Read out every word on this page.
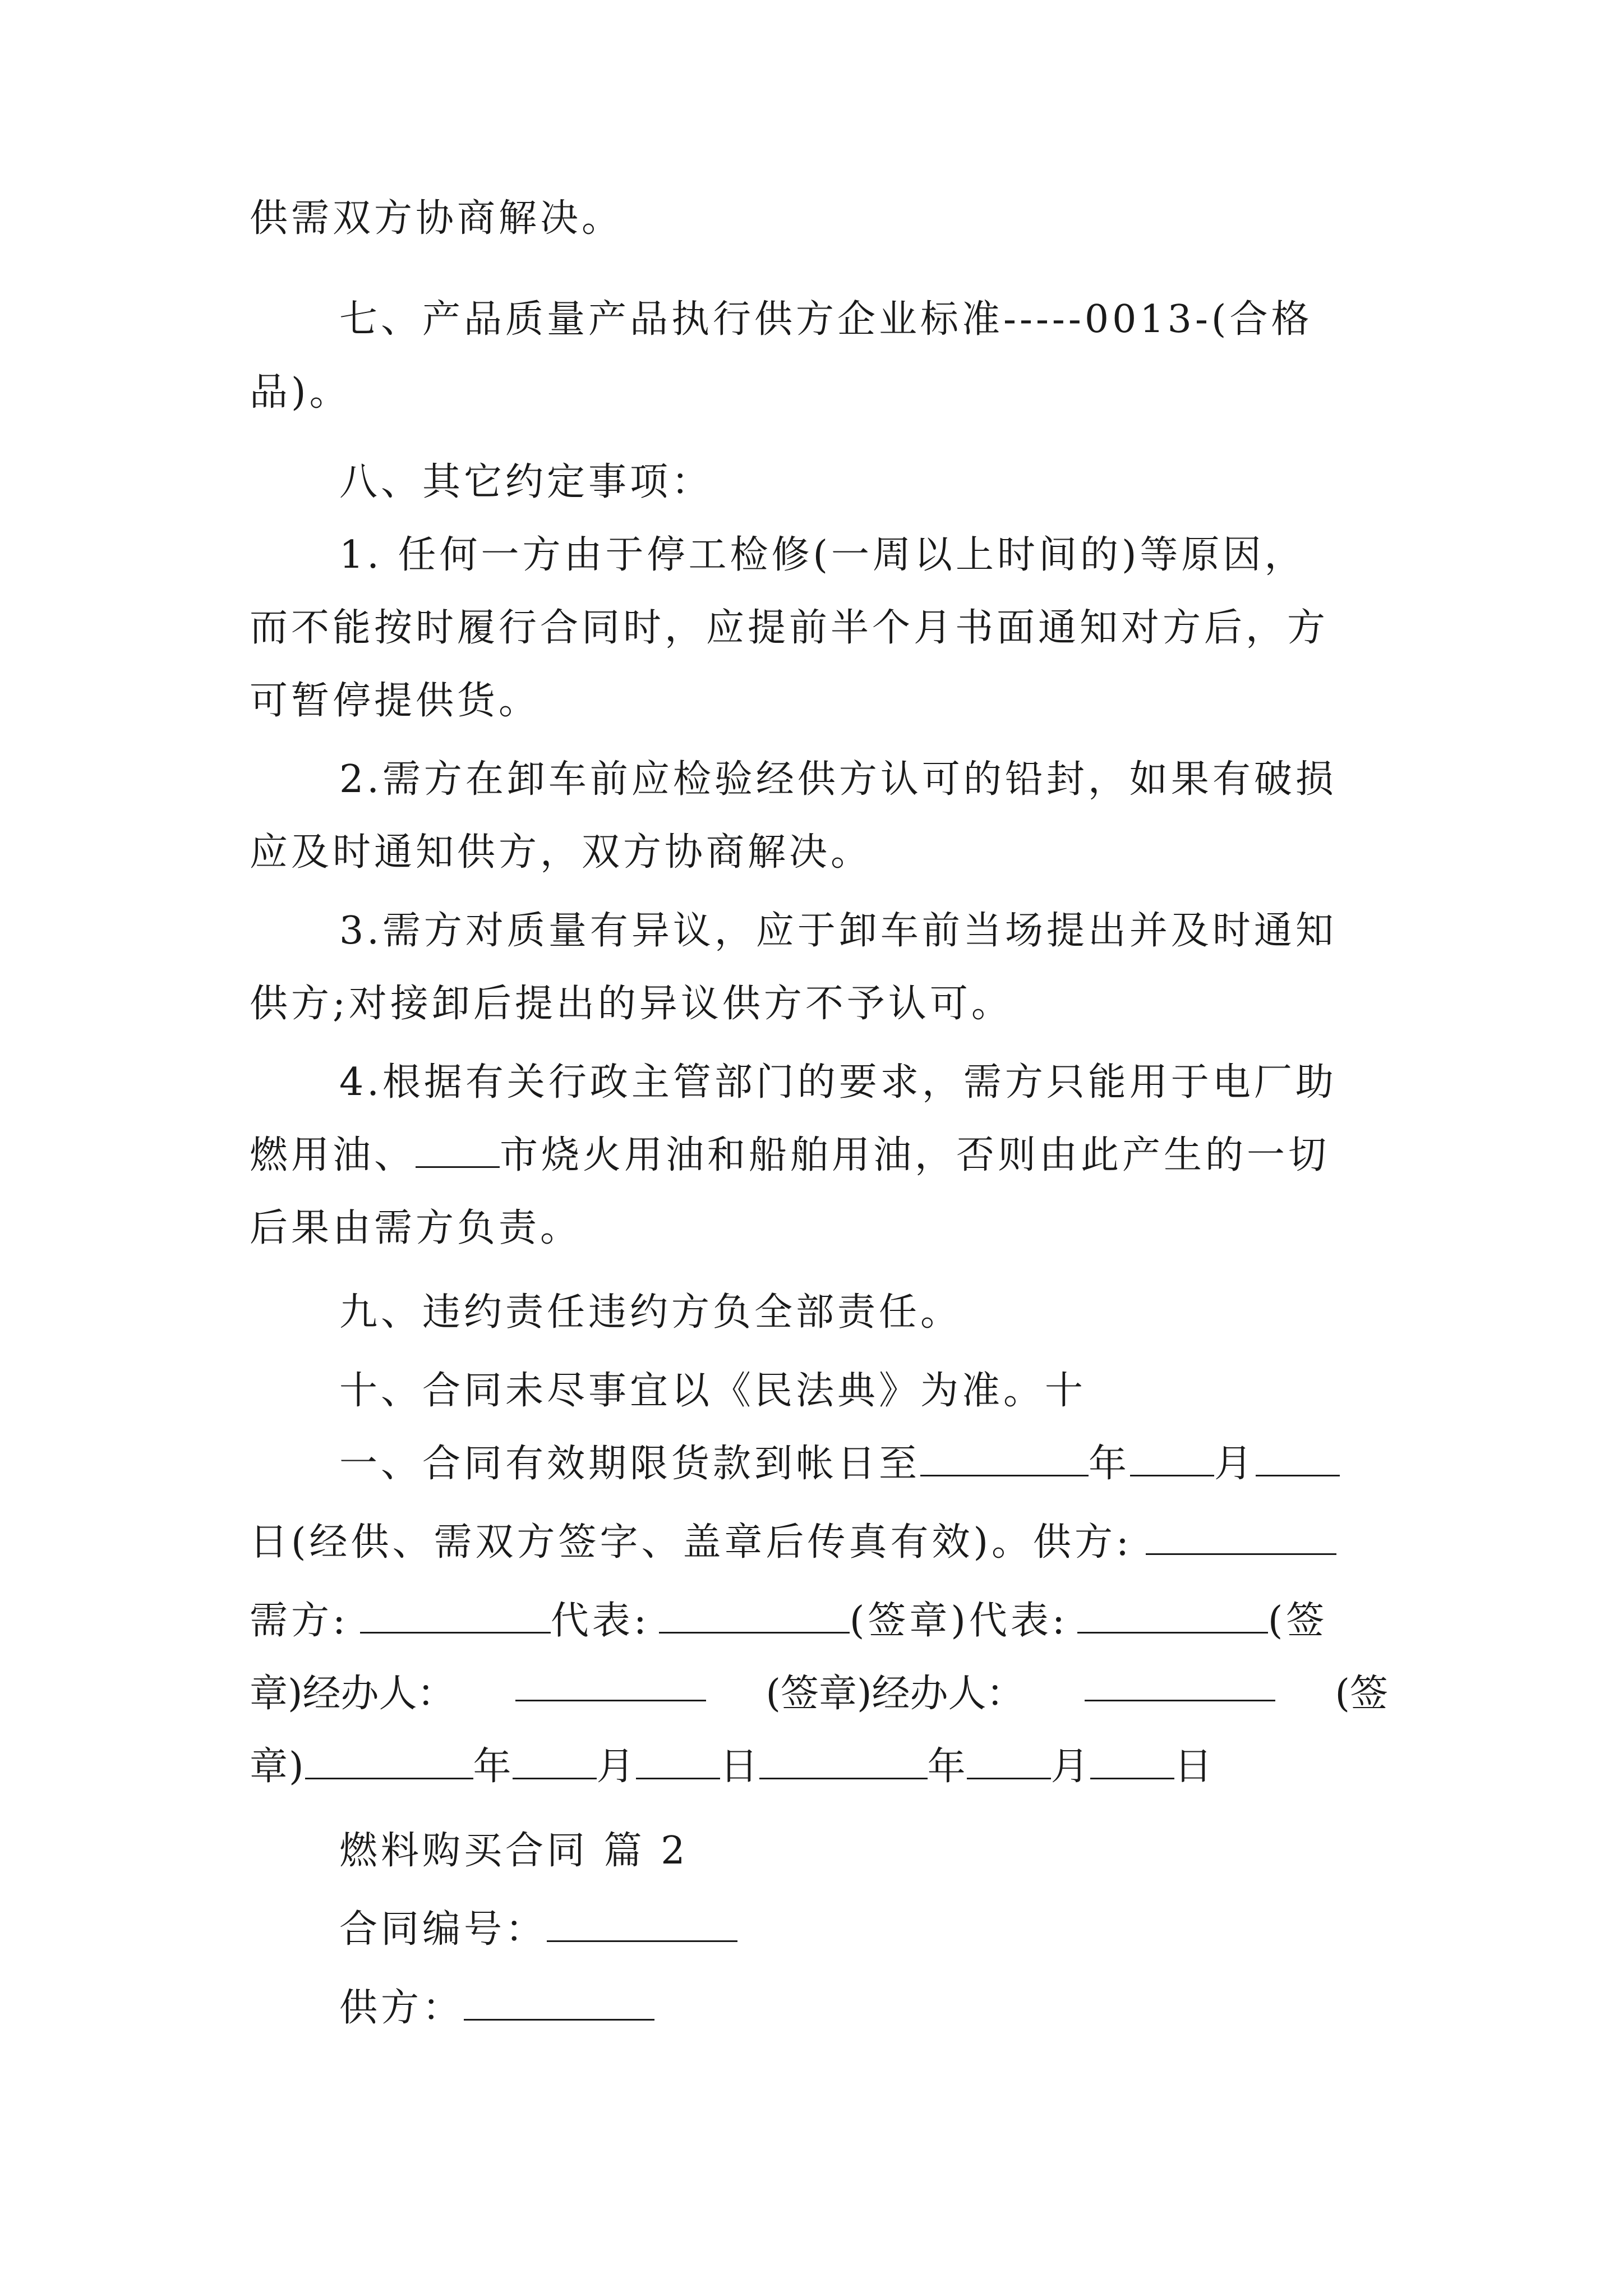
供需双方协商解决。
七、产品质量产品执行供方企业标准-----0013-(合格
品)。
八、其它约定事项：
1. 任何一方由于停工检修(一周以上时间的)等原因，
而不能按时履行合同时，应提前半个月书面通知对方后，方
可暂停提供货。
2.需方在卸车前应检验经供方认可的铅封，如果有破损
应及时通知供方，双方协商解决。
3.需方对质量有异议，应于卸车前当场提出并及时通知
供方;对接卸后提出的异议供方不予认可。
4.根据有关行政主管部门的要求，需方只能用于电厂助
燃用油、 市烧火用油和船舶用油，否则由此产生的一切
后果由需方负责。
九、违约责任违约方负全部责任。
十、合同未尽事宜以《民法典》为准。十
一、合同有效期限货款到帐日至	年 月
日(经供、需双方签字、盖章后传真有效)。供方:
需方:	代表:	(签章)代表:	(签
章)经办人：	(签章)经办人：	(签
章)	年 月 日	年 月 日
燃料购买合同 篇 2
合同编号：
供方：
